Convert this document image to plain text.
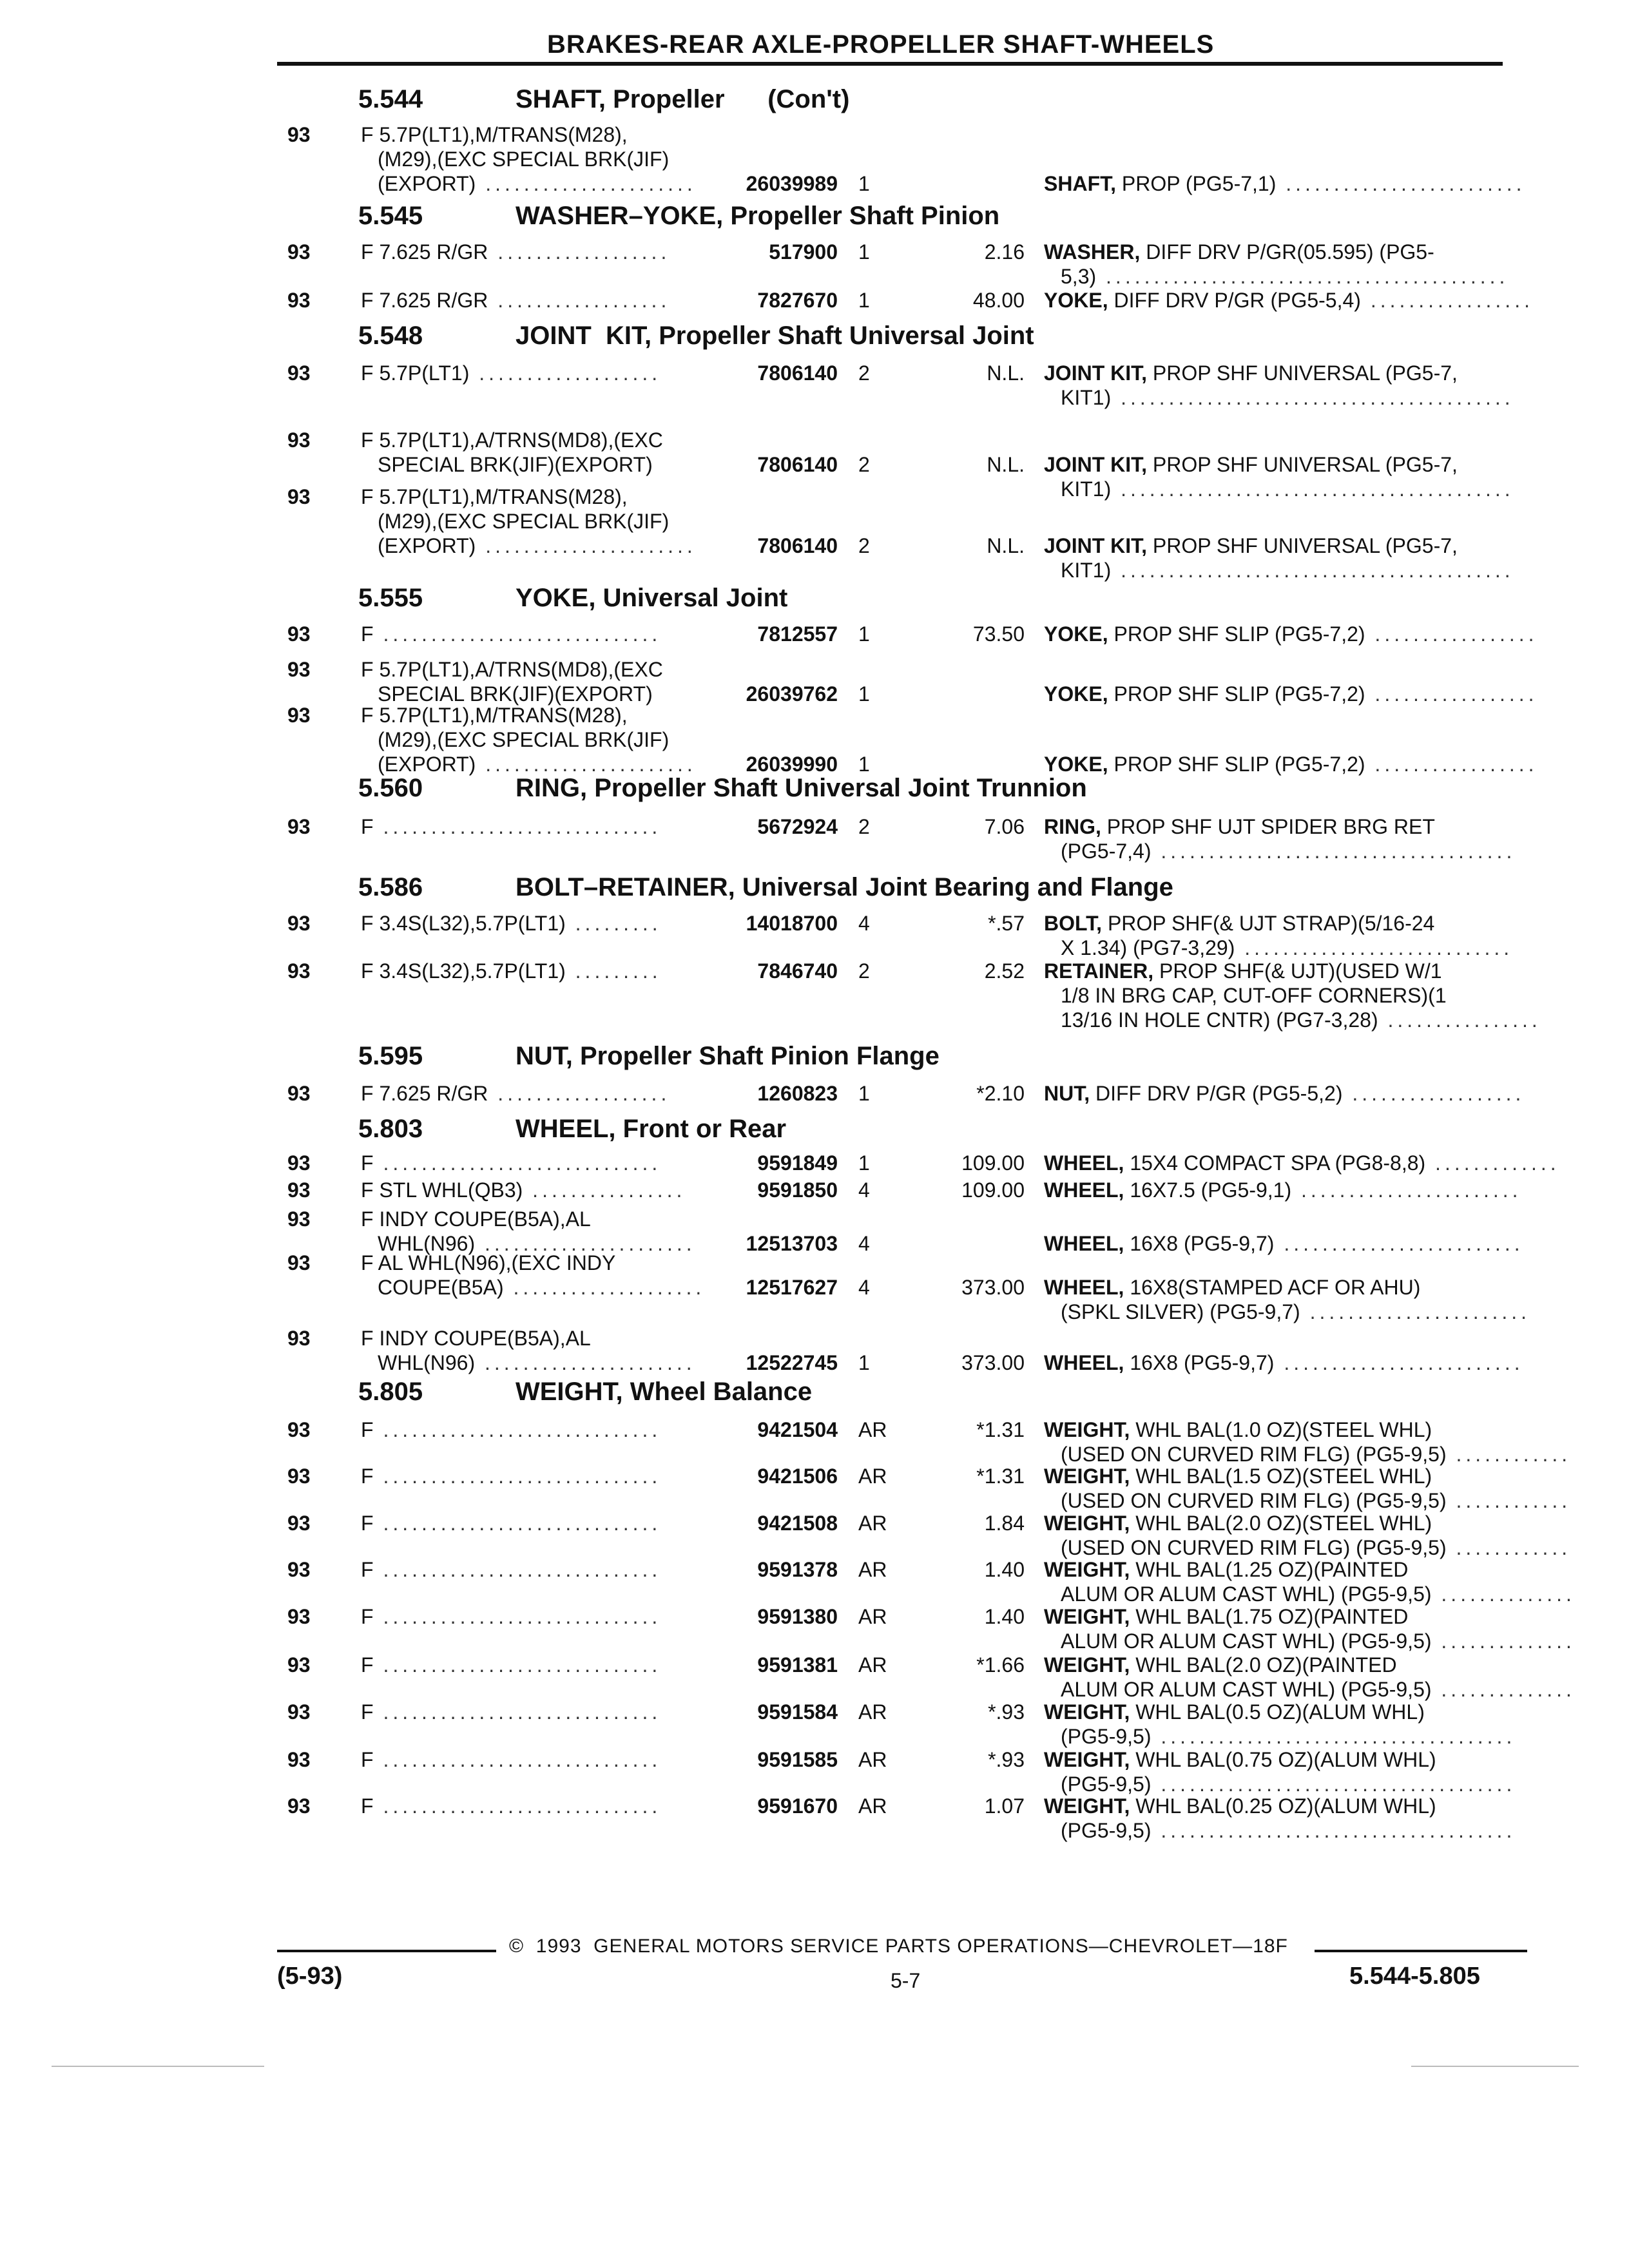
BRAKES-REAR AXLE-PROPELLER SHAFT-WHEELS
5.544	SHAFT, Propeller      (Con't)
5.545	WASHER–YOKE, Propeller Shaft Pinion
5.548	JOINT  KIT, Propeller Shaft Universal Joint
5.555	YOKE, Universal Joint
5.560	RING, Propeller Shaft Universal Joint Trunnion
5.586	BOLT–RETAINER, Universal Joint Bearing and Flange
5.595	NUT, Propeller Shaft Pinion Flange
5.803	WHEEL, Front or Rear
5.805	WEIGHT, Wheel Balance
93 F 5.7P(LT1),M/TRANS(M28),
(M29),(EXC SPECIAL BRK(JIF)
(EXPORT) ......................	26039989 1	SHAFT, PROP (PG5-7,1) .........................
93 F 7.625 R/GR ..................	517900 1	2.16 WASHER, DIFF DRV P/GR(05.595) (PG5-
5,3) ..........................................
93 F 7.625 R/GR ..................	7827670 1	48.00 YOKE, DIFF DRV P/GR (PG5-5,4) .................
93 F 5.7P(LT1) ...................	7806140 2	N.L. JOINT KIT, PROP SHF UNIVERSAL (PG5-7,
KIT1) .........................................
93 F 5.7P(LT1),A/TRNS(MD8),(EXC
SPECIAL BRK(JIF)(EXPORT)	7806140 2	N.L. JOINT KIT, PROP SHF UNIVERSAL (PG5-7,
KIT1) .........................................
93 F 5.7P(LT1),M/TRANS(M28),
(M29),(EXC SPECIAL BRK(JIF)
(EXPORT) ......................	7806140 2	N.L. JOINT KIT, PROP SHF UNIVERSAL (PG5-7,
KIT1) .........................................
93 F .............................	7812557 1	73.50 YOKE, PROP SHF SLIP (PG5-7,2) .................
93 F 5.7P(LT1),A/TRNS(MD8),(EXC
SPECIAL BRK(JIF)(EXPORT)	26039762 1	YOKE, PROP SHF SLIP (PG5-7,2) .................
93 F 5.7P(LT1),M/TRANS(M28),
(M29),(EXC SPECIAL BRK(JIF)
(EXPORT) ......................	26039990 1	YOKE, PROP SHF SLIP (PG5-7,2) .................
93 F .............................	5672924 2	7.06 RING, PROP SHF UJT SPIDER BRG RET
(PG5-7,4) .....................................
93 F 3.4S(L32),5.7P(LT1) .........	14018700 4	*.57 BOLT, PROP SHF(& UJT STRAP)(5/16-24
X 1.34) (PG7-3,29) ............................
93 F 3.4S(L32),5.7P(LT1) .........	7846740 2	2.52 RETAINER, PROP SHF(& UJT)(USED W/1
1/8 IN BRG CAP, CUT-OFF CORNERS)(1
13/16 IN HOLE CNTR) (PG7-3,28) ................
93 F 7.625 R/GR ..................	1260823 1	*2.10 NUT, DIFF DRV P/GR (PG5-5,2) ..................
93 F .............................	9591849 1	109.00 WHEEL, 15X4 COMPACT SPA (PG8-8,8) .............
93 F STL WHL(QB3) ................	9591850 4	109.00 WHEEL, 16X7.5 (PG5-9,1) .......................
93 F INDY COUPE(B5A),AL
WHL(N96) ......................	12513703 4	WHEEL, 16X8 (PG5-9,7) .........................
93 F AL WHL(N96),(EXC INDY
COUPE(B5A) ....................	12517627 4	373.00 WHEEL, 16X8(STAMPED ACF OR AHU)
(SPKL SILVER) (PG5-9,7) .......................
93 F INDY COUPE(B5A),AL
WHL(N96) ......................	12522745 1	373.00 WHEEL, 16X8 (PG5-9,7) .........................
93 F .............................	9421504 AR	*1.31 WEIGHT, WHL BAL(1.0 OZ)(STEEL WHL)
(USED ON CURVED RIM FLG) (PG5-9,5) ............
93 F .............................	9421506 AR	*1.31 WEIGHT, WHL BAL(1.5 OZ)(STEEL WHL)
(USED ON CURVED RIM FLG) (PG5-9,5) ............
93 F .............................	9421508 AR	1.84 WEIGHT, WHL BAL(2.0 OZ)(STEEL WHL)
(USED ON CURVED RIM FLG) (PG5-9,5) ............
93 F .............................	9591378 AR	1.40 WEIGHT, WHL BAL(1.25 OZ)(PAINTED
ALUM OR ALUM CAST WHL) (PG5-9,5) ..............
93 F .............................	9591380 AR	1.40 WEIGHT, WHL BAL(1.75 OZ)(PAINTED
ALUM OR ALUM CAST WHL) (PG5-9,5) ..............
93 F .............................	9591381 AR	*1.66 WEIGHT, WHL BAL(2.0 OZ)(PAINTED
ALUM OR ALUM CAST WHL) (PG5-9,5) ..............
93 F .............................	9591584 AR	*.93 WEIGHT, WHL BAL(0.5 OZ)(ALUM WHL)
(PG5-9,5) .....................................
93 F .............................	9591585 AR	*.93 WEIGHT, WHL BAL(0.75 OZ)(ALUM WHL)
(PG5-9,5) .....................................
93 F .............................	9591670 AR	1.07 WEIGHT, WHL BAL(0.25 OZ)(ALUM WHL)
(PG5-9,5) .....................................
©  1993  GENERAL MOTORS SERVICE PARTS OPERATIONS—CHEVROLET—18F
(5-93)	5-7	5.544-5.805
